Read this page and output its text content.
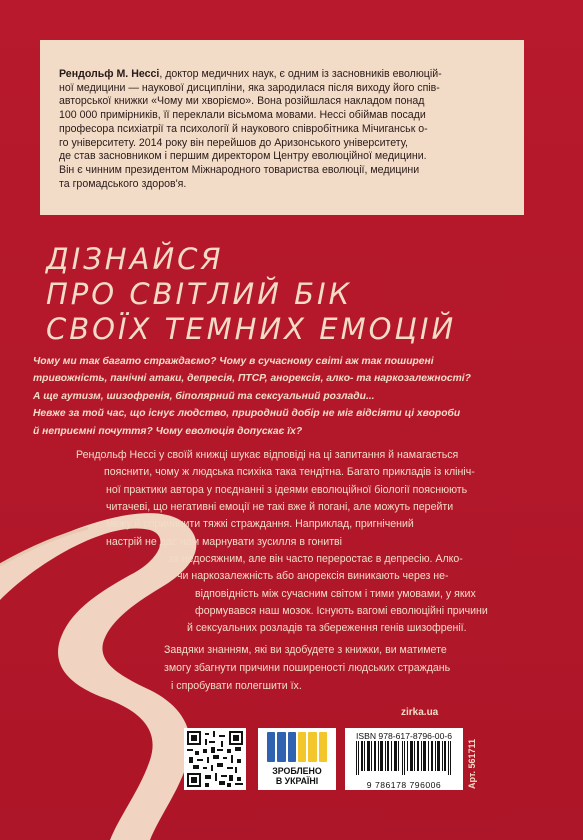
Рендольф М. Нессі, доктор медичних наук, є одним із засновників еволюцій-
ної медицини — наукової дисципліни, яка зародилася після виходу його спів-
авторської книжки «Чому ми хворіємо». Вона розійшлася накладом понад
100 000 примірників, її переклали вісьмома мовами. Нессі обіймав посади
професора психіатрії та психології й наукового співробітника Мічиганськ о-
го університету. 2014 року він перейшов до Аризонського університету,
де став засновником і першим директором Центру еволюційної медицини.
Він є чинним президентом Міжнародного товариства еволюції, медицини
та громадського здоров'я.
ДІЗНАЙСЯ
ПРО СВІТЛИЙ БІК
СВОЇХ ТЕМНИХ ЕМОЦІЙ
Чому ми так багато страждаємо? Чому в сучасному світі аж так поширені
тривожність, панічні атаки, депресія, ПТСР, анорексія, алко- та наркозалежності?
А ще аутизм, шизофренія, біполярний та сексуальний розлади...
Невже за той час, що існує людство, природний добір не міг відсіяти ці хвороби
й неприємні почуття? Чому еволюція допускає їх?
Рендольф Нессі у своїй книжці шукає відповіді на ці запитання й намагається
пояснити, чому ж людська психіка така тендітна. Багато прикладів із клініч-
ної практики автора у поєднанні з ідеями еволюційної біології пояснюють
читачеві, що негативні емоції не такі вже й погані, але можуть перейти
межу й спричинити тяжкі страждання. Наприклад, пригнічений
настрій не дає нам марнувати зусилля в гонитві
за недосяжним, але він часто переростає в депресію. Алко-
чи наркозалежність або анорексія виникають через не-
відповідність між сучасним світом і тими умовами, у яких
формувався наш мозок. Існують вагомі еволюційні причини
й сексуальних розладів та збереження генів шизофренії.
Завдяки знанням, які ви здобудете з книжки, ви матимете
змогу збагнути причини поширеності людських страждань
і спробувати полегшити їх.
zirka.ua
ЗРОБЛЕНО
В УКРАЇНІ
ISBN 978-617-8796-00-6
9 786178 796006	Арт. 561711
